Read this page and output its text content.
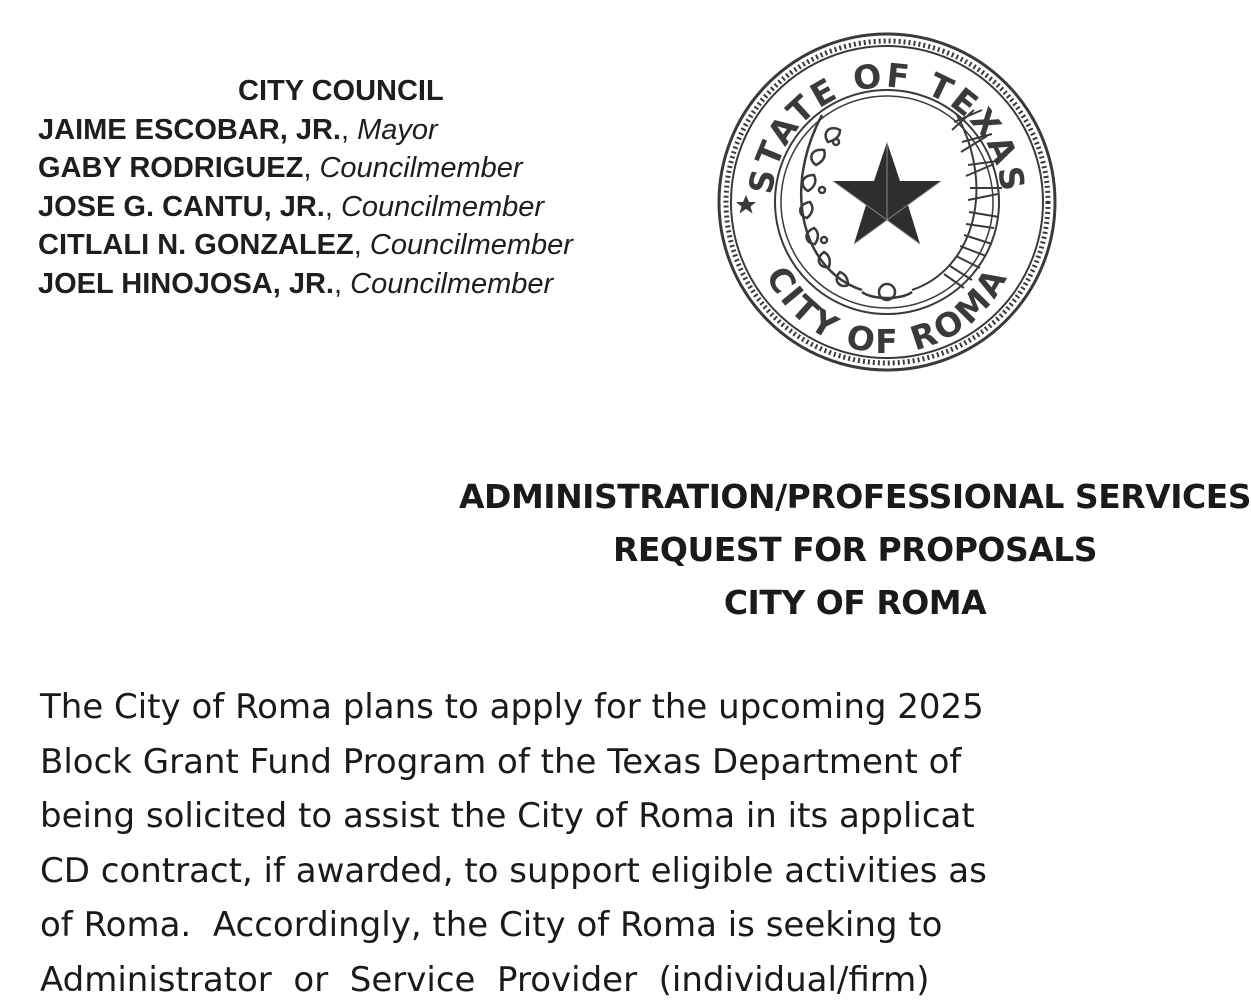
CITY COUNCIL
JAIME ESCOBAR, JR., Mayor
GABY RODRIGUEZ, Councilmember
JOSE G. CANTU, JR., Councilmember
CITLALI N. GONZALEZ, Councilmember
JOEL HINOJOSA, JR., Councilmember
STATE OF TEXAS
CITY OF ROMA
ADMINISTRATION/PROFESSIONAL SERVICES
REQUEST FOR PROPOSALS
CITY OF ROMA
The City of Roma plans to apply for the upcoming 2025
Block Grant Fund Program of the Texas Department of
being solicited to assist the City of Roma in its applicat
CD contract, if awarded, to support eligible activities as
of Roma.  Accordingly, the City of Roma is seeking to
Administrator  or  Service  Provider  (individual/firm)
